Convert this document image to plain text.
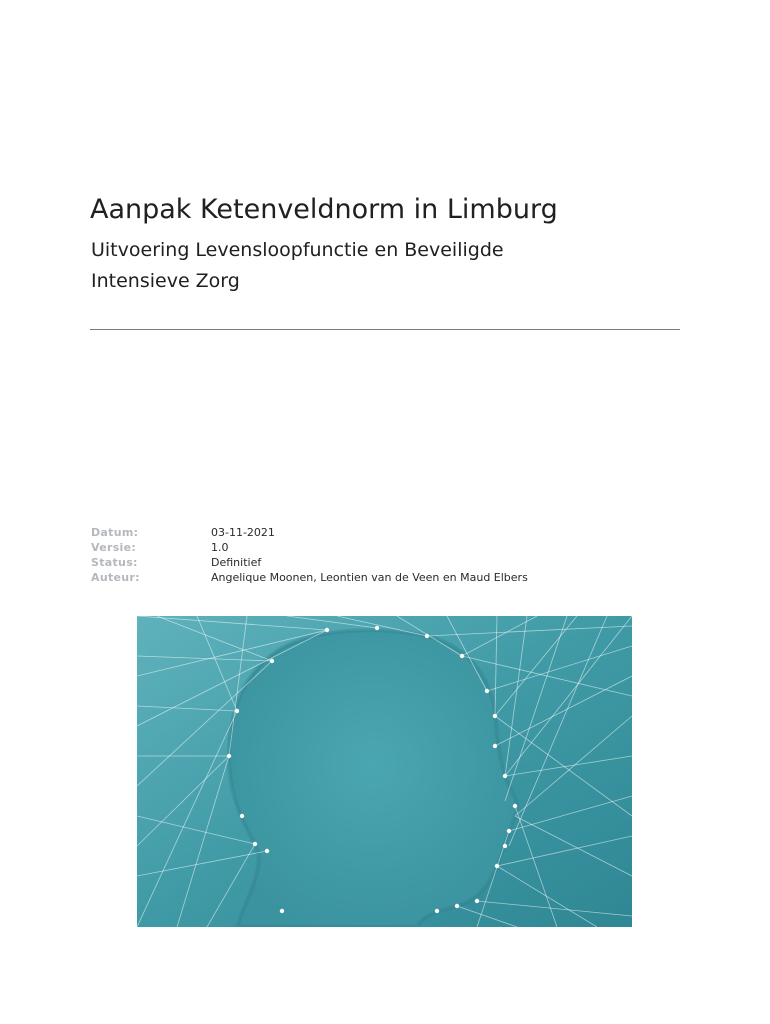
Aanpak Ketenveldnorm in Limburg
Uitvoering Levensloopfunctie en Beveiligde
Intensieve Zorg
Datum:	03-11-2021
Versie:	1.0
Status:	Definitief
Auteur:	Angelique Moonen, Leontien van de Veen en Maud Elbers
